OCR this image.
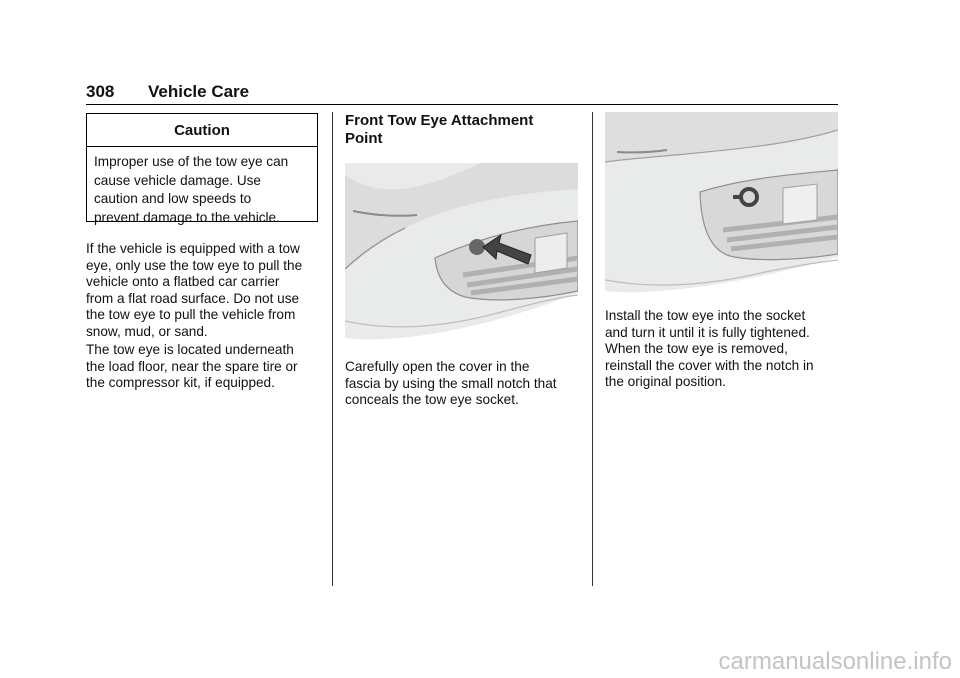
308 Vehicle Care
Caution
Improper use of the tow eye can
cause vehicle damage. Use
caution and low speeds to
prevent damage to the vehicle.
If the vehicle is equipped with a tow
eye, only use the tow eye to pull the
vehicle onto a flatbed car carrier
from a flat road surface. Do not use
the tow eye to pull the vehicle from
snow, mud, or sand.
The tow eye is located underneath
the load floor, near the spare tire or
the compressor kit, if equipped.
Front Tow Eye Attachment
Point
Carefully open the cover in the
fascia by using the small notch that
conceals the tow eye socket.
Install the tow eye into the socket
and turn it until it is fully tightened.
When the tow eye is removed,
reinstall the cover with the notch in
the original position.
carmanualsonline.info
